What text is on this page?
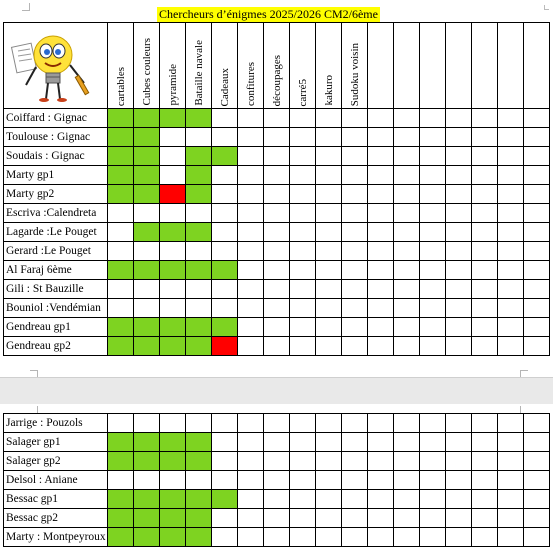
Chercheurs d’énigmes 2025/2026 CM2/6ème

cartables	Cubes couleurs	pyramide	Bataille navale	Cadeaux	confitures	découpages	carré5	kakuro	Sudoku voisin							

Coiffard : Gignac																	
Toulouse : Gignac																	
Soudais : Gignac																	
Marty gp1																	
Marty gp2																	
Escriva :Calendreta																	
Lagarde :Le Pouget																	
Gerard :Le Pouget																	
Al Faraj 6ème																	
Gili : St Bauzille																	
Bouniol :Vendémian																	
Gendreau gp1																	
Gendreau gp2																	
Jarrige : Pouzols																	
Salager gp1																	
Salager gp2																	
Delsol : Aniane																	
Bessac gp1																	
Bessac gp2																	
Marty : Montpeyroux																	
